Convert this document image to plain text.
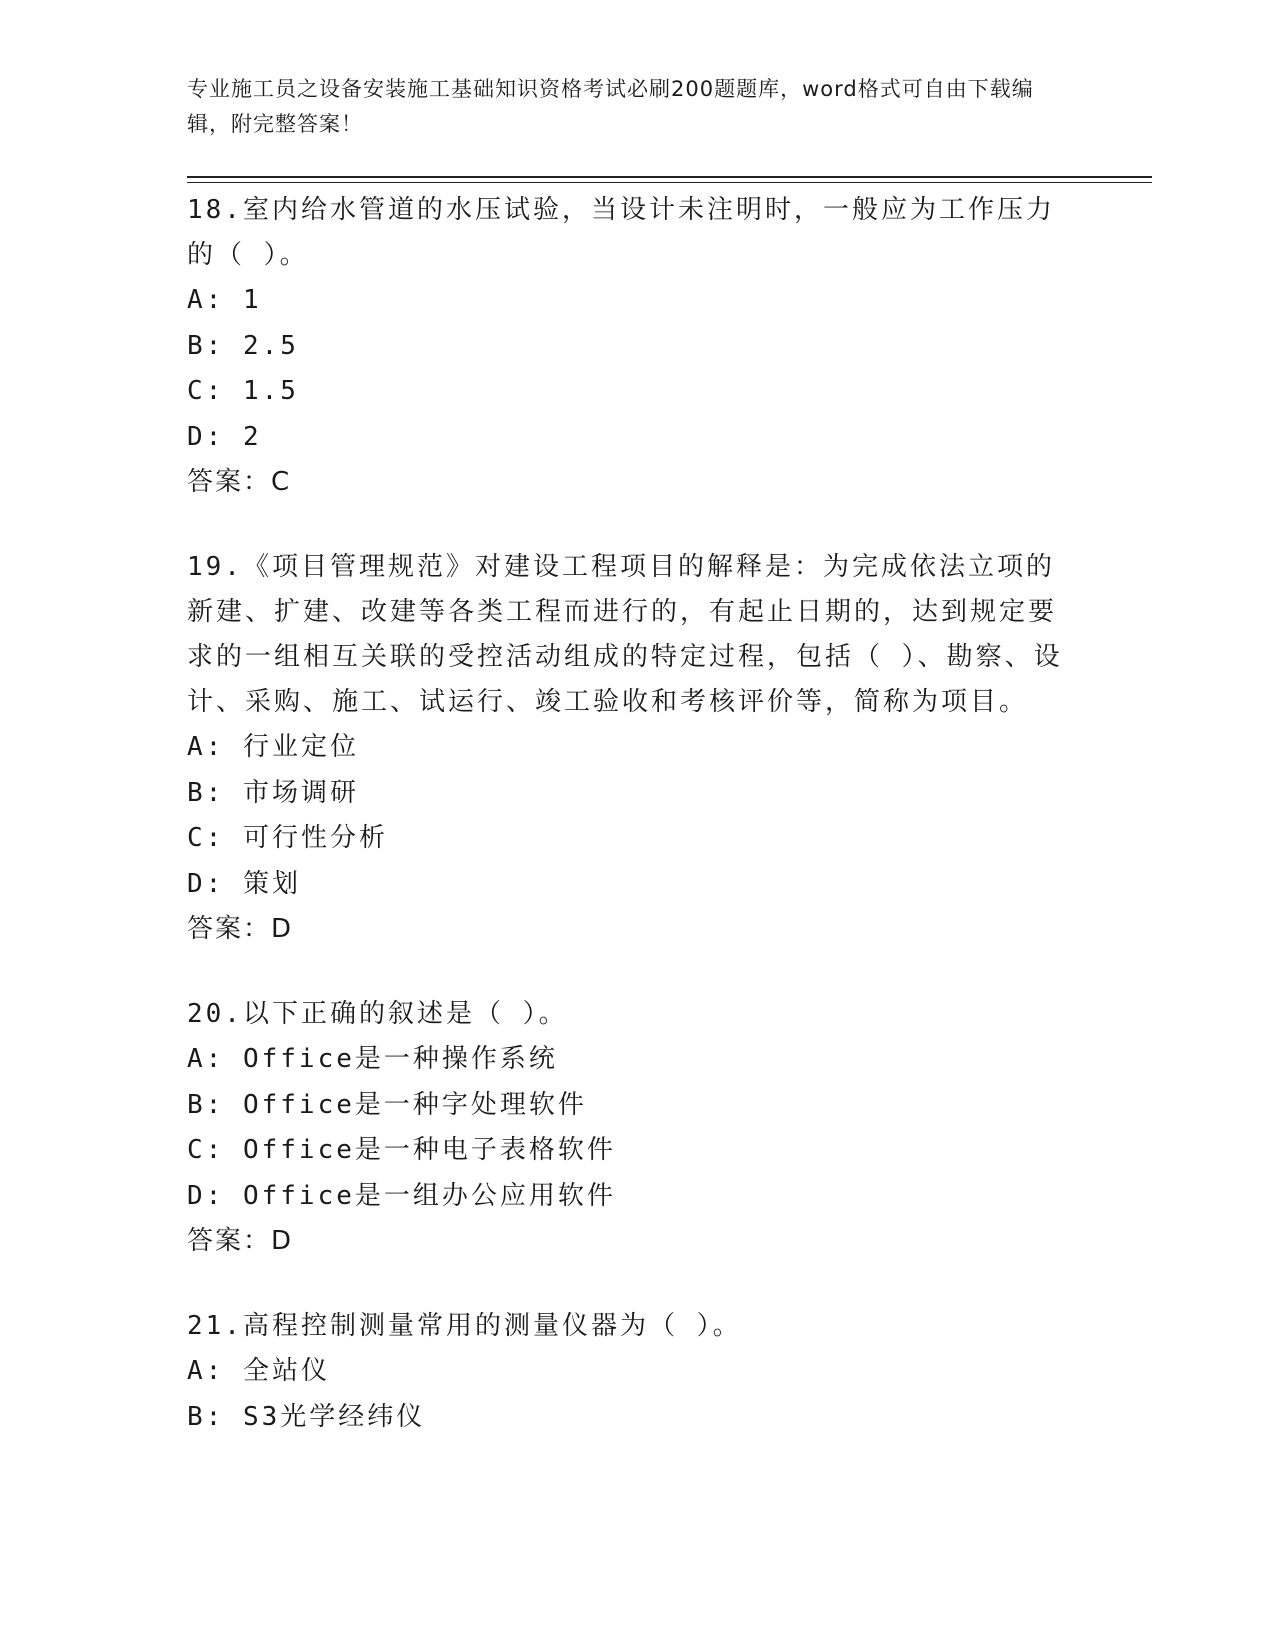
专业施工员之设备安装施工基础知识资格考试必刷200题题库，word格式可自由下载编辑，附完整答案！

18.室内给水管道的水压试验，当设计未注明时，一般应为工作压力的（ ）。

A: 1

B: 2.5

C: 1.5

D: 2

答案：C

19.《项目管理规范》对建设工程项目的解释是：为完成依法立项的新建、扩建、改建等各类工程而进行的，有起止日期的，达到规定要求的一组相互关联的受控活动组成的特定过程，包括（ ）、勘察、设计、采购、施工、试运行、竣工验收和考核评价等，简称为项目。

A: 行业定位

B: 市场调研

C: 可行性分析

D: 策划

答案：D

20.以下正确的叙述是（ ）。

A: Office是一种操作系统

B: Office是一种字处理软件

C: Office是一种电子表格软件

D: Office是一组办公应用软件

答案：D

21.高程控制测量常用的测量仪器为（ ）。

A: 全站仪

B: S3光学经纬仪
